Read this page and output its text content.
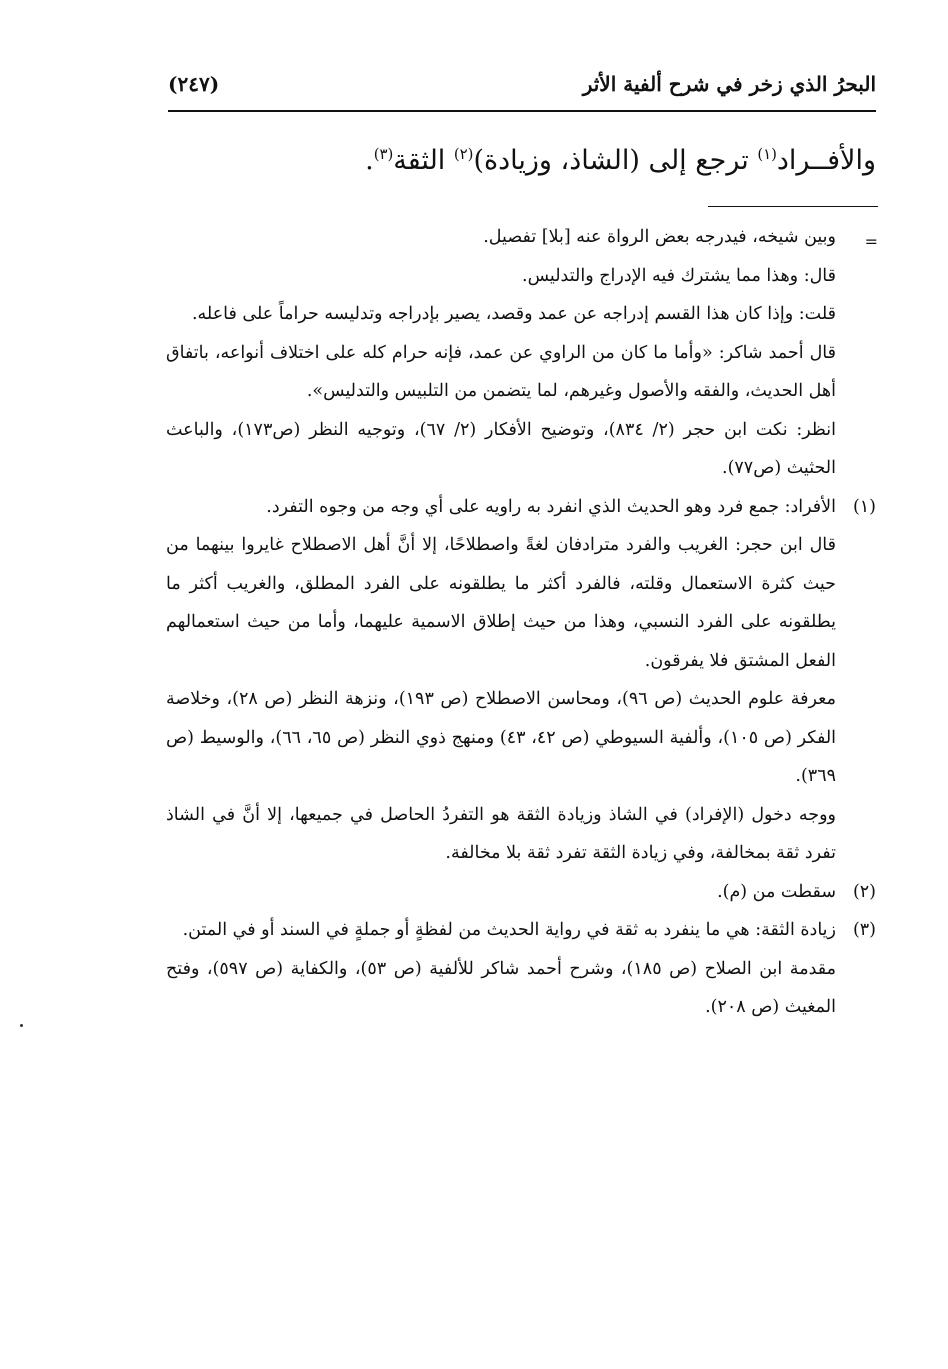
البحرُ الذي زخر في شرح ألفية الأثر
(٢٤٧)
والأفــراد$^{(١)}$ ترجع إلى (الشاذ، وزيادة)$^{(٢)}$ الثقة$^{(٣)}$.
=

وبين شيخه، فيدرجه بعض الرواة عنه [بلا] تفصيل.

قال: وهذا مما يشترك فيه الإدراج والتدليس.

قلت: وإذا كان هذا القسم إدراجه عن عمد وقصد، يصير بإدراجه وتدليسه حراماً على فاعله.

قال أحمد شاكر: «وأما ما كان من الراوي عن عمد، فإنه حرام كله على اختلاف أنواعه، باتفاق أهل الحديث، والفقه والأصول وغيرهم، لما يتضمن من التلبيس والتدليس».

انظر: نكت ابن حجر (٢/ ٨٣٤)، وتوضيح الأفكار (٢/ ٦٧)، وتوجيه النظر (ص١٧٣)، والباعث الحثيث (ص٧٧).

(١)

الأفراد: جمع فرد وهو الحديث الذي انفرد به راويه على أي وجه من وجوه التفرد.

قال ابن حجر: الغريب والفرد مترادفان لغةً واصطلاحًا، إلا أنَّ أهل الاصطلاح غايروا بينهما من حيث كثرة الاستعمال وقلته، فالفرد أكثر ما يطلقونه على الفرد المطلق، والغريب أكثر ما يطلقونه على الفرد النسبي، وهذا من حيث إطلاق الاسمية عليهما، وأما من حيث استعمالهم الفعل المشتق فلا يفرقون.

معرفة علوم الحديث (ص ٩٦)، ومحاسن الاصطلاح (ص ١٩٣)، ونزهة النظر (ص ٢٨)، وخلاصة الفكر (ص ١٠٥)، وألفية السيوطي (ص ٤٢، ٤٣) ومنهج ذوي النظر (ص ٦٥، ٦٦)، والوسيط (ص ٣٦٩).

ووجه دخول (الإفراد) في الشاذ وزيادة الثقة هو التفردُ الحاصل في جميعها، إلا أنَّ في الشاذ تفرد ثقة بمخالفة، وفي زيادة الثقة تفرد ثقة بلا مخالفة.

(٢)

سقطت من (م).

(٣)

زيادة الثقة: هي ما ينفرد به ثقة في رواية الحديث من لفظةٍ أو جملةٍ في السند أو في المتن.

مقدمة ابن الصلاح (ص ١٨٥)، وشرح أحمد شاكر للألفية (ص ٥٣)، والكفاية (ص ٥٩٧)، وفتح المغيث (ص ٢٠٨).
